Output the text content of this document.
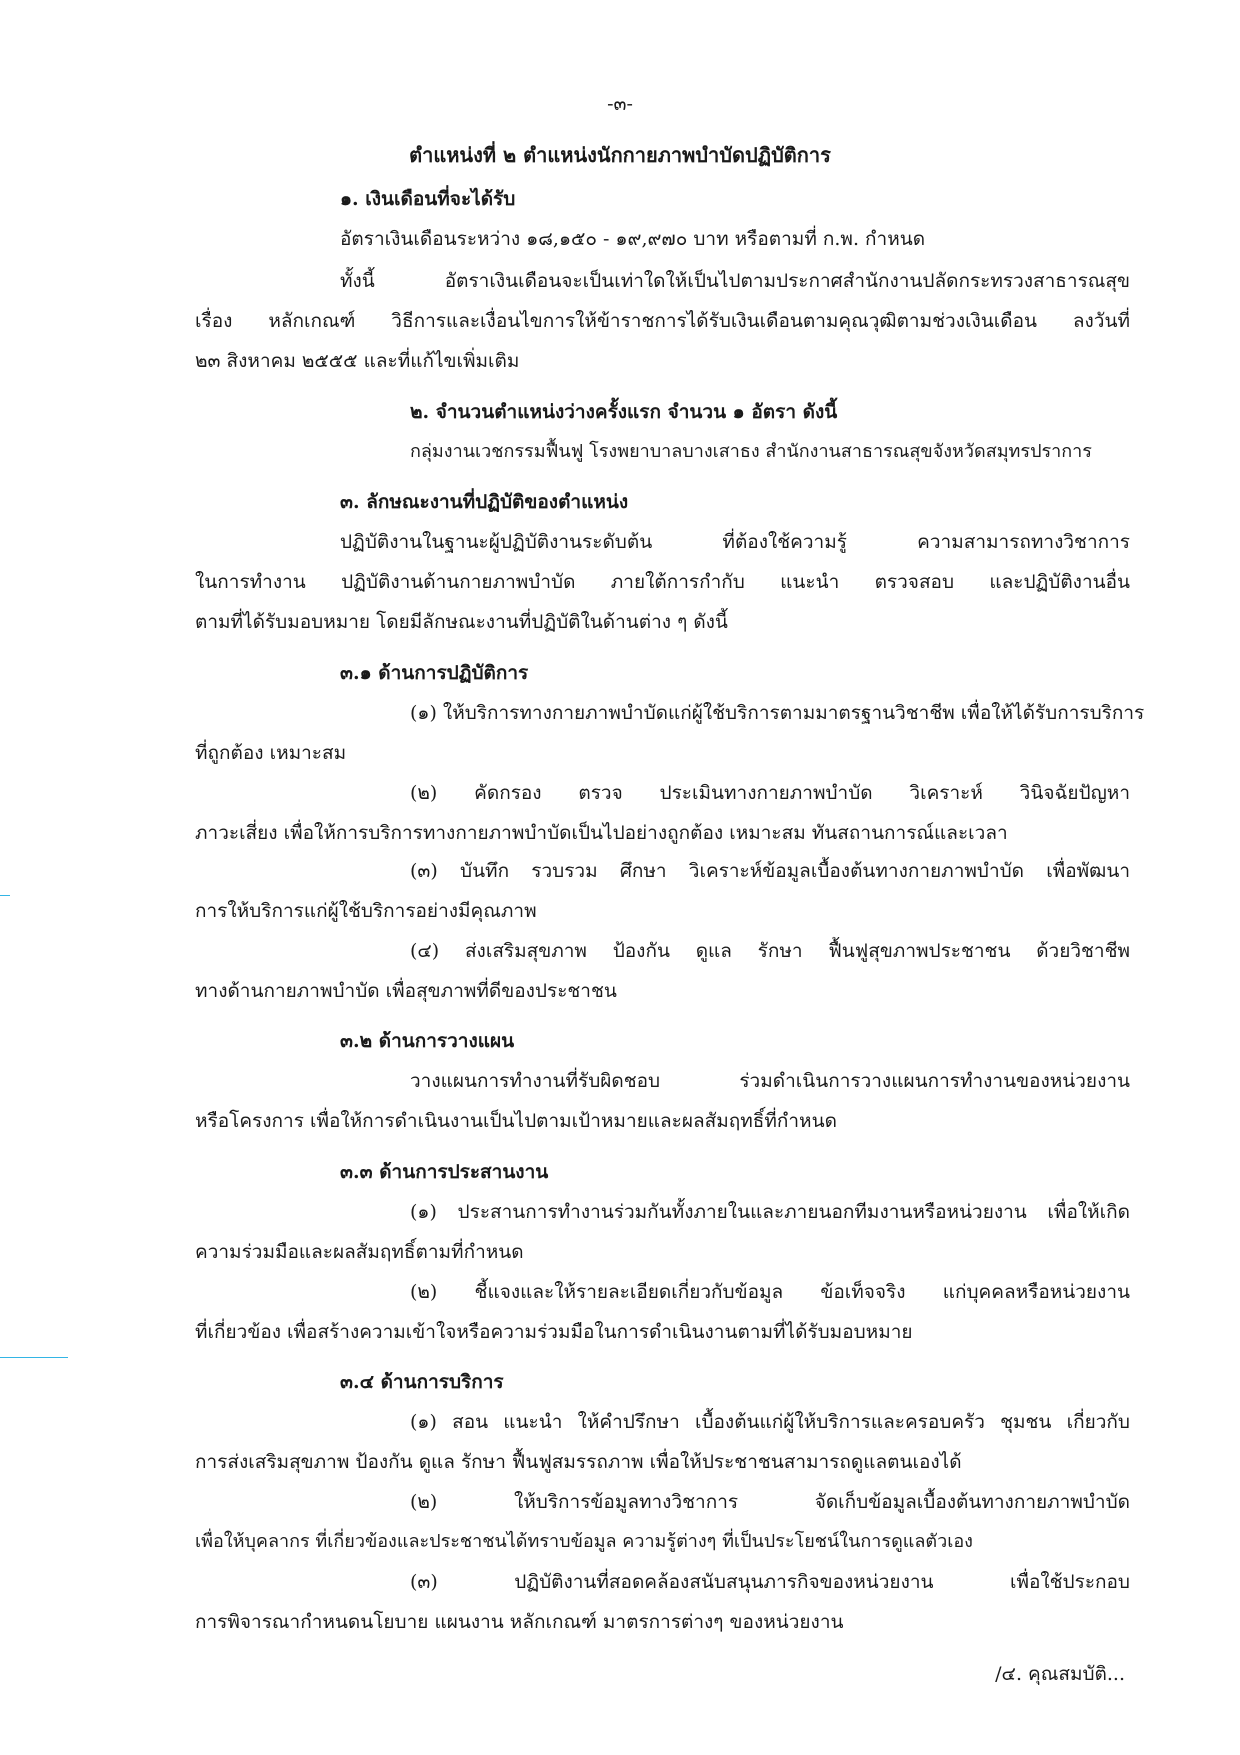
-๓-
ตำแหน่งที่ ๒ ตำแหน่งนักกายภาพบำบัดปฏิบัติการ
๑. เงินเดือนที่จะได้รับ
อัตราเงินเดือนระหว่าง ๑๘,๑๕๐ - ๑๙,๙๗๐ บาท หรือตามที่ ก.พ. กำหนด
ทั้งนี้ อัตราเงินเดือนจะเป็นเท่าใดให้เป็นไปตามประกาศสำนักงานปลัดกระทรวงสาธารณสุข
เรื่อง หลักเกณฑ์ วิธีการและเงื่อนไขการให้ข้าราชการได้รับเงินเดือนตามคุณวุฒิตามช่วงเงินเดือน ลงวันที่
๒๓ สิงหาคม ๒๕๕๕ และที่แก้ไขเพิ่มเติม
๒. จำนวนตำแหน่งว่างครั้งแรก จำนวน ๑ อัตรา ดังนี้
กลุ่มงานเวชกรรมฟื้นฟู โรงพยาบาลบางเสาธง สำนักงานสาธารณสุขจังหวัดสมุทรปราการ
๓. ลักษณะงานที่ปฏิบัติของตำแหน่ง
ปฏิบัติงานในฐานะผู้ปฏิบัติงานระดับต้น ที่ต้องใช้ความรู้ ความสามารถทางวิชาการ
ในการทำงาน ปฏิบัติงานด้านกายภาพบำบัด ภายใต้การกำกับ แนะนำ ตรวจสอบ และปฏิบัติงานอื่น
ตามที่ได้รับมอบหมาย โดยมีลักษณะงานที่ปฏิบัติในด้านต่าง ๆ ดังนี้
๓.๑ ด้านการปฏิบัติการ
(๑) ให้บริการทางกายภาพบำบัดแก่ผู้ใช้บริการตามมาตรฐานวิชาชีพ เพื่อให้ได้รับการบริการ
ที่ถูกต้อง เหมาะสม
(๒) คัดกรอง ตรวจ ประเมินทางกายภาพบำบัด วิเคราะห์ วินิจฉัยปัญหา
ภาวะเสี่ยง เพื่อให้การบริการทางกายภาพบำบัดเป็นไปอย่างถูกต้อง เหมาะสม ทันสถานการณ์และเวลา
(๓) บันทึก รวบรวม ศึกษา วิเคราะห์ข้อมูลเบื้องต้นทางกายภาพบำบัด เพื่อพัฒนา
การให้บริการแก่ผู้ใช้บริการอย่างมีคุณภาพ
(๔) ส่งเสริมสุขภาพ ป้องกัน ดูแล รักษา ฟื้นฟูสุขภาพประชาชน ด้วยวิชาชีพ
ทางด้านกายภาพบำบัด เพื่อสุขภาพที่ดีของประชาชน
๓.๒ ด้านการวางแผน
วางแผนการทำงานที่รับผิดชอบ ร่วมดำเนินการวางแผนการทำงานของหน่วยงาน
หรือโครงการ เพื่อให้การดำเนินงานเป็นไปตามเป้าหมายและผลสัมฤทธิ์ที่กำหนด
๓.๓ ด้านการประสานงาน
(๑) ประสานการทำงานร่วมกันทั้งภายในและภายนอกทีมงานหรือหน่วยงาน เพื่อให้เกิด
ความร่วมมือและผลสัมฤทธิ์ตามที่กำหนด
(๒) ชี้แจงและให้รายละเอียดเกี่ยวกับข้อมูล ข้อเท็จจริง แก่บุคคลหรือหน่วยงาน
ที่เกี่ยวข้อง เพื่อสร้างความเข้าใจหรือความร่วมมือในการดำเนินงานตามที่ได้รับมอบหมาย
๓.๔ ด้านการบริการ
(๑) สอน แนะนำ ให้คำปรึกษา เบื้องต้นแก่ผู้ให้บริการและครอบครัว ชุมชน เกี่ยวกับ
การส่งเสริมสุขภาพ ป้องกัน ดูแล รักษา ฟื้นฟูสมรรถภาพ เพื่อให้ประชาชนสามารถดูแลตนเองได้
(๒) ให้บริการข้อมูลทางวิชาการ จัดเก็บข้อมูลเบื้องต้นทางกายภาพบำบัด
เพื่อให้บุคลากร ที่เกี่ยวข้องและประชาชนได้ทราบข้อมูล ความรู้ต่างๆ ที่เป็นประโยชน์ในการดูแลตัวเอง
(๓) ปฏิบัติงานที่สอดคล้องสนับสนุนภารกิจของหน่วยงาน เพื่อใช้ประกอบ
การพิจารณากำหนดนโยบาย แผนงาน หลักเกณฑ์ มาตรการต่างๆ ของหน่วยงาน
/๔. คุณสมบัติ...
